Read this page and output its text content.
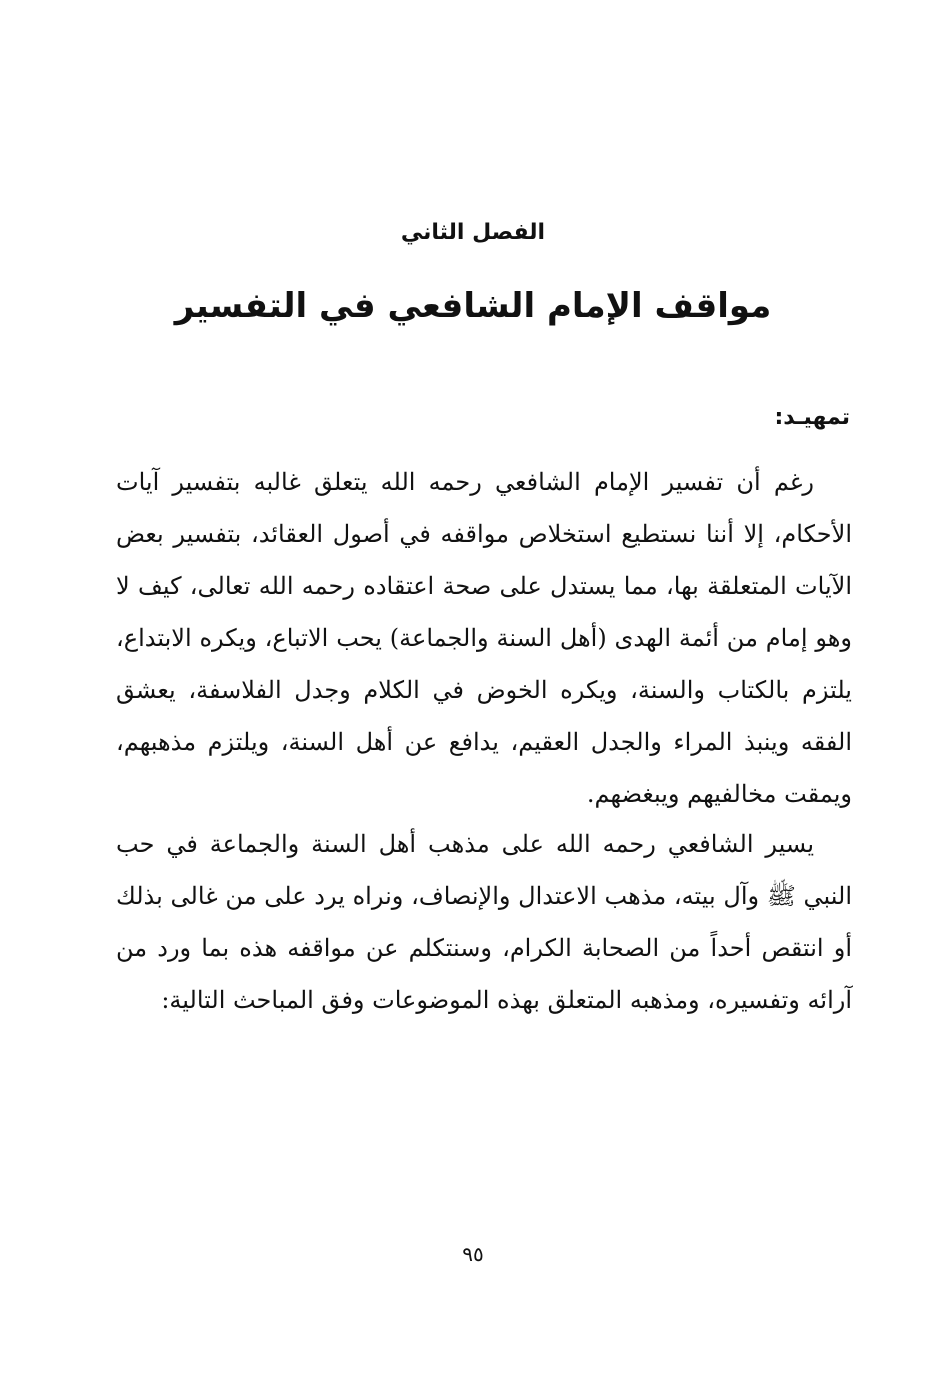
الفصل الثاني
مواقف الإمام الشافعي في التفسير
تمهيـد:

رغم أن تفسير الإمام الشافعي رحمه الله يتعلق غالبه بتفسير آيات الأحكام، إلا أننا نستطيع استخلاص مواقفه في أصول العقائد، بتفسير بعض الآيات المتعلقة بها، مما يستدل على صحة اعتقاده رحمه الله تعالى، كيف لا وهو إمام من أئمة الهدى (أهل السنة والجماعة) يحب الاتباع، ويكره الابتداع، يلتزم بالكتاب والسنة، ويكره الخوض في الكلام وجدل الفلاسفة، يعشق الفقه وينبذ المراء والجدل العقيم، يدافع عن أهل السنة، ويلتزم مذهبهم، ويمقت مخالفيهم ويبغضهم.

يسير الشافعي رحمه الله على مذهب أهل السنة والجماعة في حب النبي ﷺ وآل بيته، مذهب الاعتدال والإنصاف، ونراه يرد على من غالى بذلك أو انتقص أحداً من الصحابة الكرام، وسنتكلم عن مواقفه هذه بما ورد من آرائه وتفسيره، ومذهبه المتعلق بهذه الموضوعات وفق المباحث التالية:

٩٥
